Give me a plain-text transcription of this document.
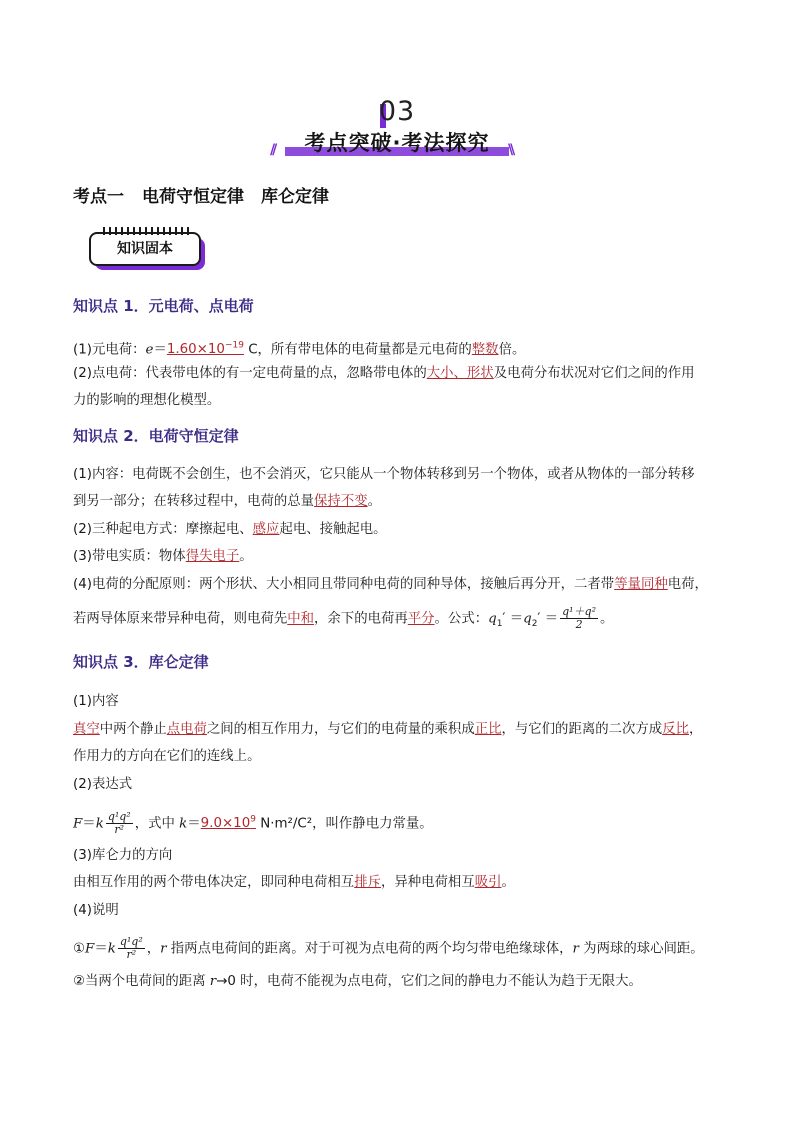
03
//	考点突破·考法探究	\\
考点一 电荷守恒定律　库仑定律
知识固本
知识点 1．元电荷、点电荷
(1)元电荷：$e=1.60\times 10^{-19}$ C，所有带电体的电荷量都是元电荷的整数倍。
(2)点电荷：代表带电体的有一定电荷量的点，忽略带电体的大小、形状及电荷分布状况对它们之间的作用
力的影响的理想化模型。
知识点 2．电荷守恒定律
(1)内容：电荷既不会创生，也不会消灭，它只能从一个物体转移到另一个物体，或者从物体的一部分转移
到另一部分；在转移过程中，电荷的总量保持不变。
(2)三种起电方式：摩擦起电、感应起电、接触起电。
(3)带电实质：物体得失电子。
(4)电荷的分配原则：两个形状、大小相同且带同种电荷的同种导体，接触后再分开，二者带等量同种电荷，
若两导体原来带异种电荷，则电荷先中和，余下的电荷再平分。公式：$q_1' =q_2' = \frac{\text{q¹＋q²}}{2}$ 。
知识点 3．库仑定律
(1)内容
真空中两个静止点电荷之间的相互作用力，与它们的电荷量的乘积成正比，与它们的距离的二次方成反比，
作用力的方向在它们的连线上。
(2)表达式
$F=k \frac{\text{q¹q²}}{\text{r²}}$ ，式中 $k=9.0\times 10^9$ N·m²/C²，叫作静电力常量。
(3)库仑力的方向
由相互作用的两个带电体决定，即同种电荷相互排斥，异种电荷相互吸引。
(4)说明
①F＝k $\frac{\text{q¹q²}}{\text{r²}}$ ，r 指两点电荷间的距离。对于可视为点电荷的两个均匀带电绝缘球体，r 为两球的球心间距。
②当两个电荷间的距离 r→0 时，电荷不能视为点电荷，它们之间的静电力不能认为趋于无限大。
